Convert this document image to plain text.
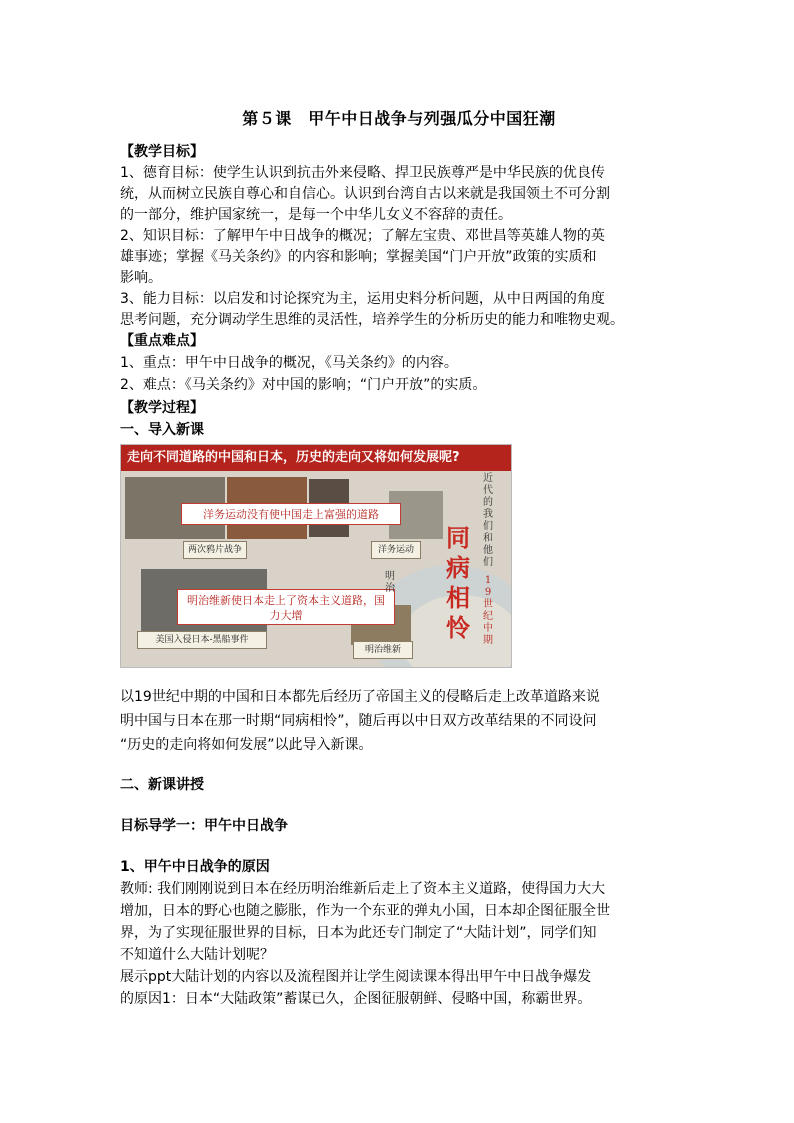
第５课　甲午中日战争与列强瓜分中国狂潮
【教学目标】
1、德育目标：使学生认识到抗击外来侵略、捍卫民族尊严是中华民族的优良传
统，从而树立民族自尊心和自信心。认识到台湾自古以来就是我国领土不可分割
的一部分，维护国家统一，是每一个中华儿女义不容辞的责任。
2、知识目标：了解甲午中日战争的概况；了解左宝贵、邓世昌等英雄人物的英
雄事迹；掌握《马关条约》的内容和影响；掌握美国“门户开放”政策的实质和
影响。
3、能力目标：以启发和讨论探究为主，运用史料分析问题，从中日两国的角度
思考问题，充分调动学生思维的灵活性，培养学生的分析历史的能力和唯物史观。
【重点难点】
1、重点：甲午中日战争的概况，《马关条约》的内容。
2、难点：《马关条约》对中国的影响；“门户开放”的实质。
【教学过程】
一、导入新课
走向不同道路的中国和日本，历史的走向又将如何发展呢?
洋务运动没有使中国走上富强的道路
两次鸦片战争	洋务运动
明治维新使日本走上了资本主义道路，国力大增
美国入侵日本-黑船事件
明治维新
明
治
同
病
相
怜
近
代
的
我
们
和
他
们
1
9
世
纪
中
期
以19世纪中期的中国和日本都先后经历了帝国主义的侵略后走上改革道路来说
明中国与日本在那一时期“同病相怜”，随后再以中日双方改革结果的不同设问
“历史的走向将如何发展”以此导入新课。
二、新课讲授
目标导学一：甲午中日战争
1、甲午中日战争的原因
教师: 我们刚刚说到日本在经历明治维新后走上了资本主义道路，使得国力大大
增加，日本的野心也随之膨胀，作为一个东亚的弹丸小国，日本却企图征服全世
界，为了实现征服世界的目标，日本为此还专门制定了“大陆计划”，同学们知
不知道什么大陆计划呢？
展示ppt大陆计划的内容以及流程图并让学生阅读课本得出甲午中日战争爆发
的原因1：日本“大陆政策”蓄谋已久，企图征服朝鲜、侵略中国，称霸世界。
